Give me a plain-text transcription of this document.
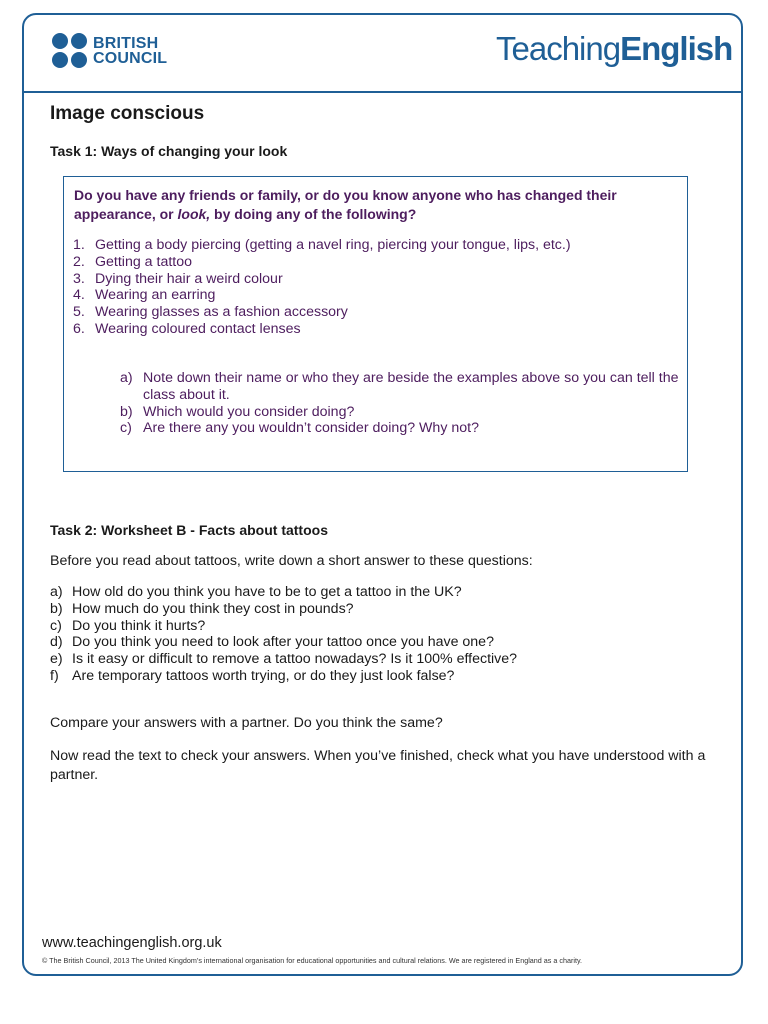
BRITISH
COUNCIL	TeachingEnglish
Image conscious
Task 1: Ways of changing your look

Do you have any friends or family, or do you know anyone who has changed their appearance, or look, by doing any of the following?

1. Getting a body piercing (getting a navel ring, piercing your tongue, lips, etc.)
2. Getting a tattoo
3. Dying their hair a weird colour
4. Wearing an earring
5. Wearing glasses as a fashion accessory
6. Wearing coloured contact lenses
a) Note down their name or who they are beside the examples above so you can tell the class about it.
b) Which would you consider doing?
c) Are there any you wouldn’t consider doing? Why not?
Task 2: Worksheet B - Facts about tattoos

Before you read about tattoos, write down a short answer to these questions:

a) How old do you think you have to be to get a tattoo in the UK?
b) How much do you think they cost in pounds?
c) Do you think it hurts?
d) Do you think you need to look after your tattoo once you have one?
e) Is it easy or difficult to remove a tattoo nowadays? Is it 100% effective?
f) Are temporary tattoos worth trying, or do they just look false?

Compare your answers with a partner. Do you think the same?

Now read the text to check your answers. When you’ve finished, check what you have understood with a partner.

www.teachingenglish.org.uk

© The British Council, 2013 The United Kingdom’s international organisation for educational opportunities and cultural relations. We are registered in England as a charity.
